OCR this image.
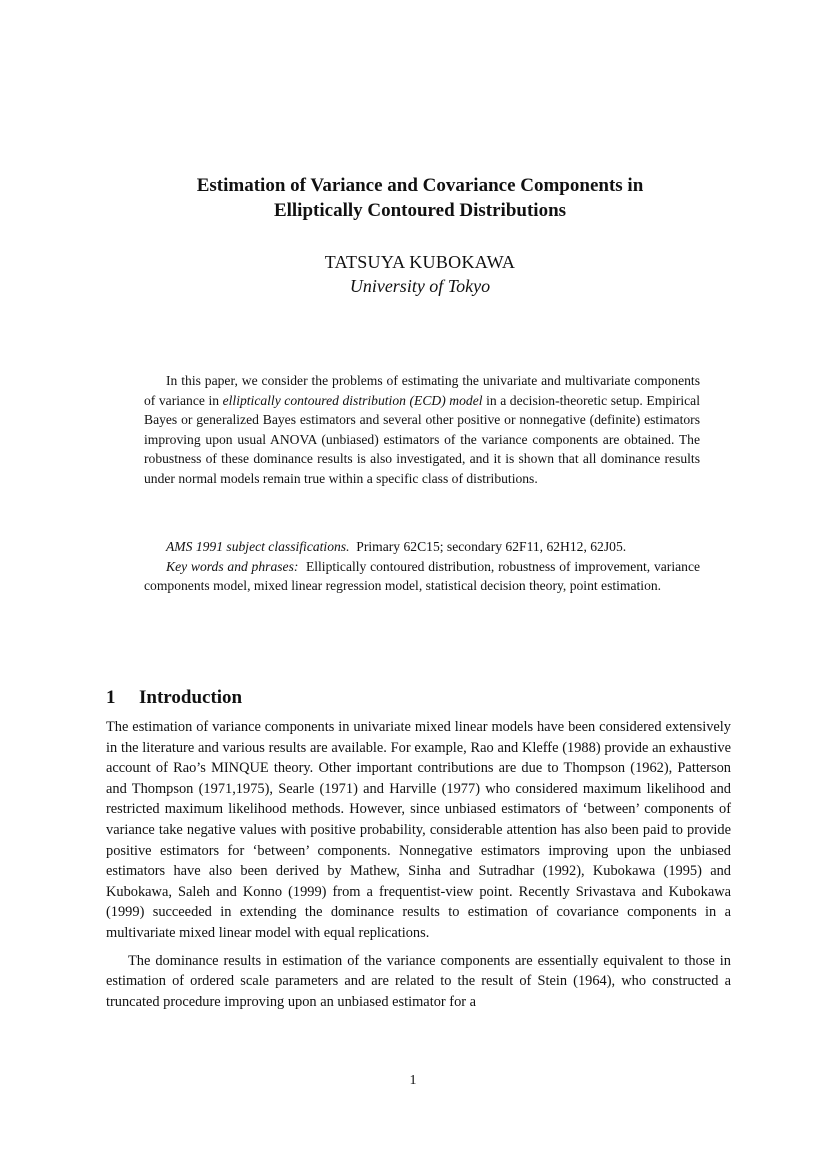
Estimation of Variance and Covariance Components in
Elliptically Contoured Distributions
TATSUYA KUBOKAWA
University of Tokyo
In this paper, we consider the problems of estimating the univariate and multivariate components of variance in elliptically contoured distribution (ECD) model in a decision-theoretic setup. Empirical Bayes or generalized Bayes estimators and several other positive or nonnegative (definite) estimators improving upon usual ANOVA (unbiased) estimators of the variance components are obtained. The robustness of these dominance results is also investigated, and it is shown that all dominance results under normal models remain true within a specific class of distributions.

AMS 1991 subject classifications. Primary 62C15; secondary 62F11, 62H12, 62J05.

Key words and phrases: Elliptically contoured distribution, robustness of improvement, variance components model, mixed linear regression model, statistical decision theory, point estimation.

1 Introduction

The estimation of variance components in univariate mixed linear models have been considered extensively in the literature and various results are available. For example, Rao and Kleffe (1988) provide an exhaustive account of Rao’s MINQUE theory. Other important contributions are due to Thompson (1962), Patterson and Thompson (1971,1975), Searle (1971) and Harville (1977) who considered maximum likelihood and restricted maximum likelihood methods. However, since unbiased estimators of ‘between’ components of variance take negative values with positive probability, considerable attention has also been paid to provide positive estimators for ‘between’ components. Nonnegative estimators improving upon the unbiased estimators have also been derived by Mathew, Sinha and Sutradhar (1992), Kubokawa (1995) and Kubokawa, Saleh and Konno (1999) from a frequentist-view point. Recently Srivastava and Kubokawa (1999) succeeded in extending the dominance results to estimation of covariance components in a multivariate mixed linear model with equal replications.

The dominance results in estimation of the variance components are essentially equivalent to those in estimation of ordered scale parameters and are related to the result of Stein (1964), who constructed a truncated procedure improving upon an unbiased estimator for a

1
